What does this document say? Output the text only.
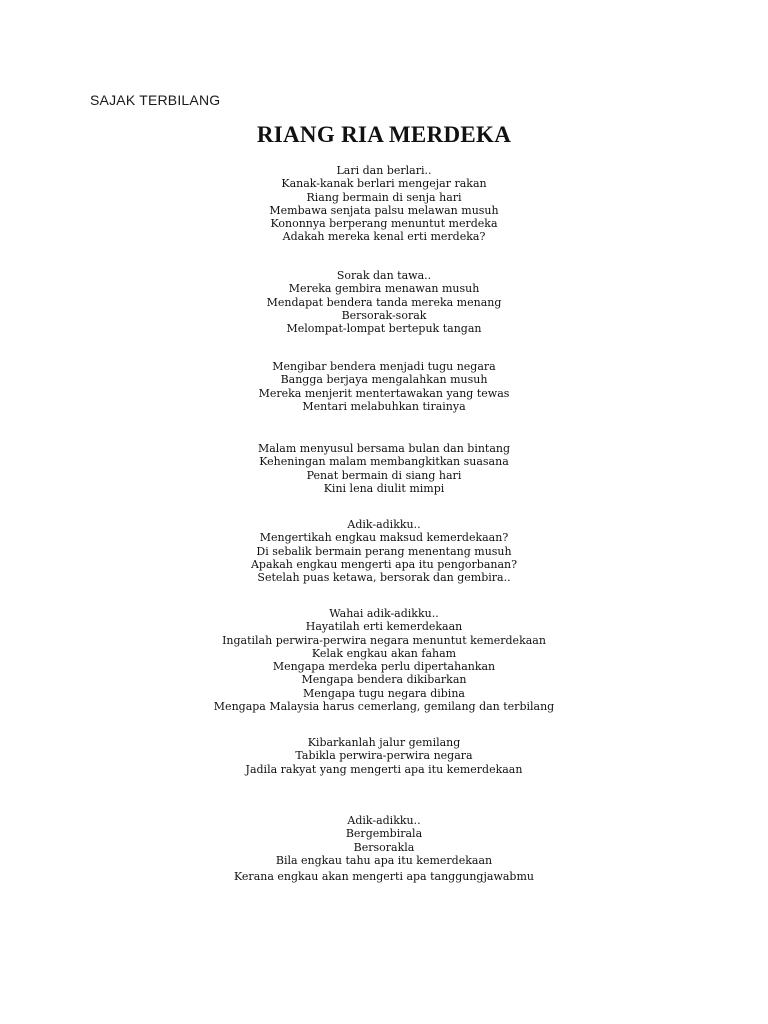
SAJAK TERBILANG
RIANG RIA MERDEKA
Lari dan berlari..
Kanak-kanak berlari mengejar rakan
Riang bermain di senja hari
Membawa senjata palsu melawan musuh
Kononnya berperang menuntut merdeka
Adakah mereka kenal erti merdeka?
Sorak dan tawa..
Mereka gembira menawan musuh
Mendapat bendera tanda mereka menang
Bersorak-sorak
Melompat-lompat bertepuk tangan
Mengibar bendera menjadi tugu negara
Bangga berjaya mengalahkan musuh
Mereka menjerit mentertawakan yang tewas
Mentari melabuhkan tirainya
Malam menyusul bersama bulan dan bintang
Keheningan malam membangkitkan suasana
Penat bermain di siang hari
Kini lena diulit mimpi
Adik-adikku..
Mengertikah engkau maksud kemerdekaan?
Di sebalik bermain perang menentang musuh
Apakah engkau mengerti apa itu pengorbanan?
Setelah puas ketawa, bersorak dan gembira..
Wahai adik-adikku..
Hayatilah erti kemerdekaan
Ingatilah perwira-perwira negara menuntut kemerdekaan
Kelak engkau akan faham
Mengapa merdeka perlu dipertahankan
Mengapa bendera dikibarkan
Mengapa tugu negara dibina
Mengapa Malaysia harus cemerlang, gemilang dan terbilang
Kibarkanlah jalur gemilang
Tabikla perwira-perwira negara
Jadila rakyat yang mengerti apa itu kemerdekaan
Adik-adikku..
Bergembirala
Bersorakla
Bila engkau tahu apa itu kemerdekaan
Kerana engkau akan mengerti apa tanggungjawabmu
